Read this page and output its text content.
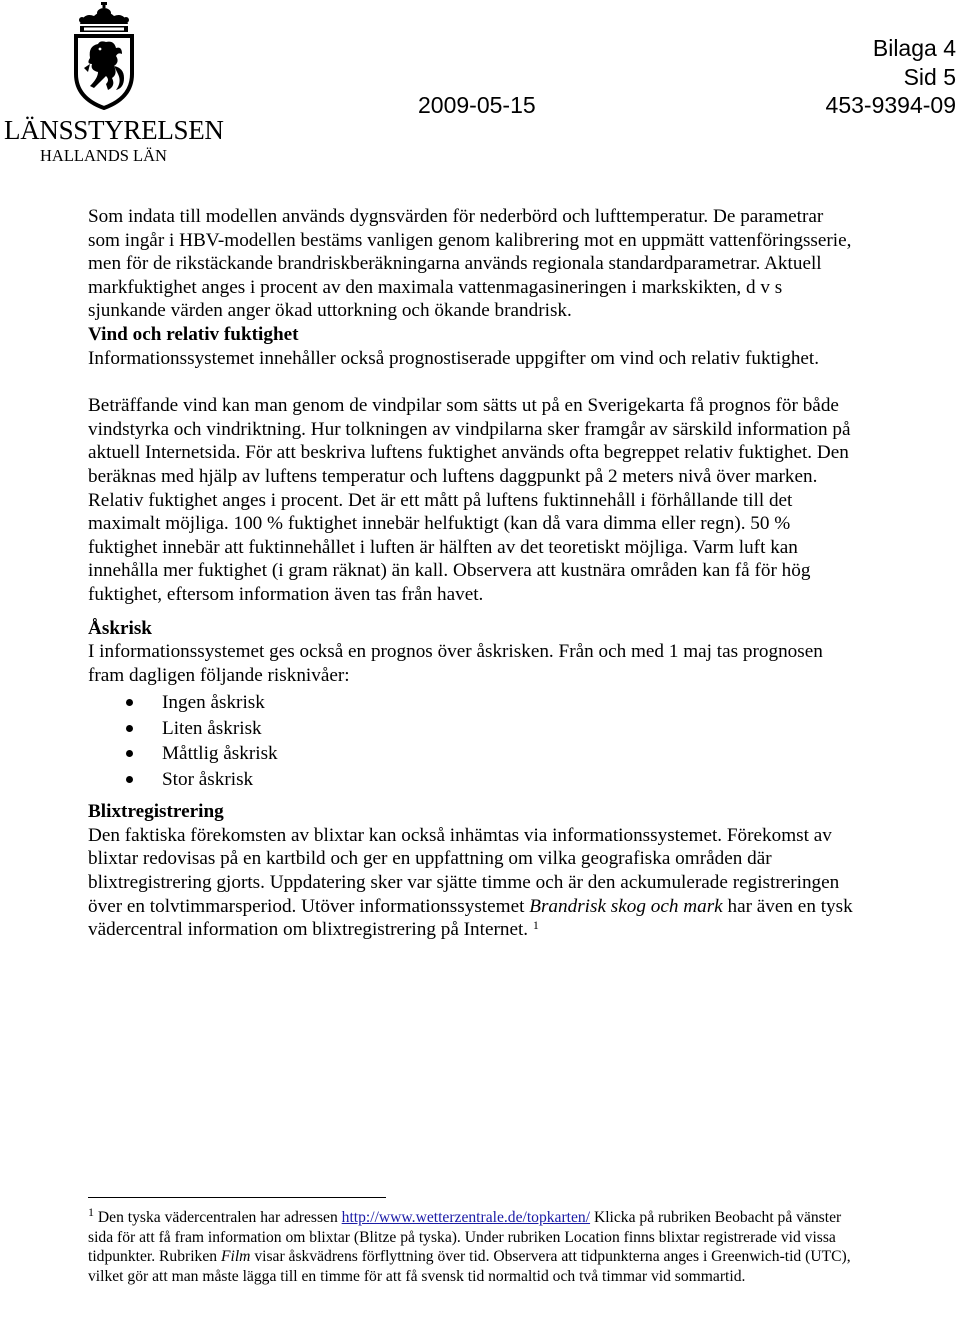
LÄNSSTYRELSEN
HALLANDS LÄN
Bilaga 4
Sid 5
2009-05-15	453-9394-09

Som indata till modellen används dygnsvärden för nederbörd och lufttemperatur. De parametrar som ingår i HBV-modellen bestäms vanligen genom kalibrering mot en uppmätt vattenföringsserie, men för de rikstäckande brandriskberäkningarna används regionala standardparametrar. Aktuell markfuktighet anges i procent av den maximala vattenmagasineringen i markskikten, d v s sjunkande värden anger ökad uttorkning och ökande brandrisk.

Vind och relativ fuktighet

Informationssystemet innehåller också prognostiserade uppgifter om vind och relativ fuktighet.

Beträffande vind kan man genom de vindpilar som sätts ut på en Sverigekarta få prognos för både vindstyrka och vindriktning. Hur tolkningen av vindpilarna sker framgår av särskild information på aktuell Internetsida. För att beskriva luftens fuktighet används ofta begreppet relativ fuktighet. Den beräknas med hjälp av luftens temperatur och luftens daggpunkt på 2 meters nivå över marken. Relativ fuktighet anges i procent. Det är ett mått på luftens fuktinnehåll i förhållande till det maximalt möjliga. 100 % fuktighet innebär helfuktigt (kan då vara dimma eller regn). 50 % fuktighet innebär att fuktinnehållet i luften är hälften av det teoretiskt möjliga. Varm luft kan innehålla mer fuktighet (i gram räknat) än kall. Observera att kustnära områden kan få för hög fuktighet, eftersom information även tas från havet.

Åskrisk

I informationssystemet ges också en prognos över åskrisken. Från och med 1 maj tas prognosen fram dagligen följande risknivåer:

Ingen åskrisk
Liten åskrisk
Måttlig åskrisk
Stor åskrisk

Blixtregistrering

Den faktiska förekomsten av blixtar kan också inhämtas via informationssystemet. Förekomst av blixtar redovisas på en kartbild och ger en uppfattning om vilka geografiska områden där blixtregistrering gjorts. Uppdatering sker var sjätte timme och är den ackumulerade registreringen över en tolvtimmarsperiod. Utöver informationssystemet Brandrisk skog och mark har även en tysk vädercentral information om blixtregistrering på Internet. $^1$

$^1$ Den tyska vädercentralen har adressen http://www.wetterzentrale.de/topkarten/ Klicka på rubriken Beobacht på vänster sida för att få fram information om blixtar (Blitze på tyska). Under rubriken Location finns blixtar registrerade vid vissa tidpunkter. Rubriken Film visar åskvädrens förflyttning över tid. Observera att tidpunkterna anges i Greenwich-tid (UTC), vilket gör att man måste lägga till en timme för att få svensk tid normaltid och två timmar vid sommartid.
